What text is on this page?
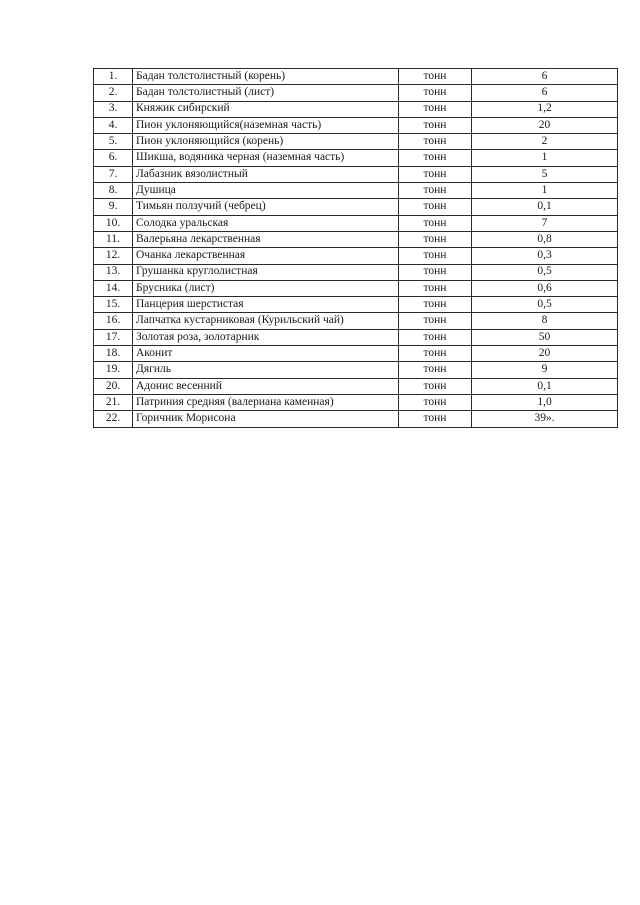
1.	Бадан толстолистный (корень)	тонн	6
2.	Бадан толстолистный (лист)	тонн	6
3.	Княжик сибирский	тонн	1,2
4.	Пион уклоняющийся(наземная часть)	тонн	20
5.	Пион уклоняющийся (корень)	тонн	2
6.	Шикша, водяника черная (наземная часть)	тонн	1
7.	Лабазник вязолистный	тонн	5
8.	Душица	тонн	1
9.	Тимьян ползучий (чебрец)	тонн	0,1
10.	Солодка уральская	тонн	7
11.	Валерьяна лекарственная	тонн	0,8
12.	Очанка лекарственная	тонн	0,3
13.	Грушанка круглолистная	тонн	0,5
14.	Брусника (лист)	тонн	0,6
15.	Панцерия шерстистая	тонн	0,5
16.	Лапчатка кустарниковая (Курильский чай)	тонн	8
17.	Золотая роза, золотарник	тонн	50
18.	Аконит	тонн	20
19.	Дягиль	тонн	9
20.	Адонис весенний	тонн	0,1
21.	Патриния средняя (валериана каменная)	тонн	1,0
22.	Горичник Морисона	тонн	39».
